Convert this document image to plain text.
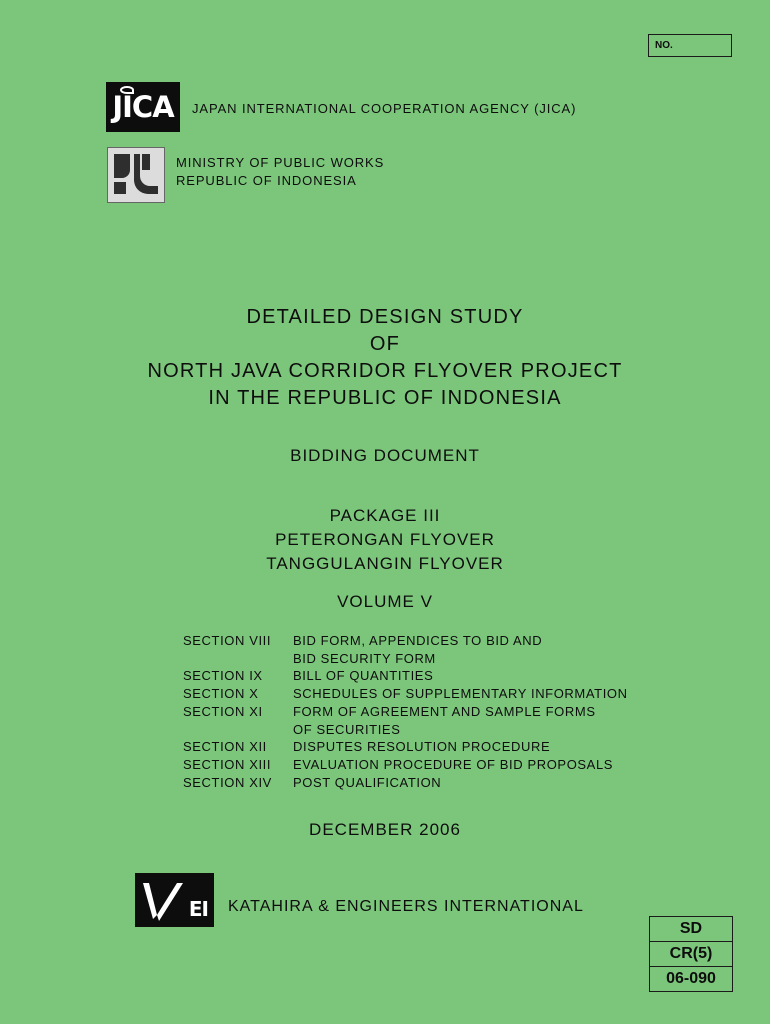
NO.
JICA JAPAN INTERNATIONAL COOPERATION AGENCY (JICA)
MINISTRY OF PUBLIC WORKS
REPUBLIC OF INDONESIA
DETAILED DESIGN STUDY
OF
NORTH JAVA CORRIDOR FLYOVER PROJECT
IN THE REPUBLIC OF INDONESIA
BIDDING DOCUMENT
PACKAGE III
PETERONGAN FLYOVER
TANGGULANGIN FLYOVER
VOLUME V
SECTION VIII	BID FORM, APPENDICES TO BID AND
BID SECURITY FORM
SECTION IX	BILL OF QUANTITIES
SECTION X	SCHEDULES OF SUPPLEMENTARY INFORMATION
SECTION XI	FORM OF AGREEMENT AND SAMPLE FORMS
OF SECURITIES
SECTION XII	DISPUTES RESOLUTION PROCEDURE
SECTION XIII	EVALUATION PROCEDURE OF BID PROPOSALS
SECTION XIV	POST QUALIFICATION
DECEMBER 2006
EI KATAHIRA & ENGINEERS INTERNATIONAL
SD
CR(5)
06-090
